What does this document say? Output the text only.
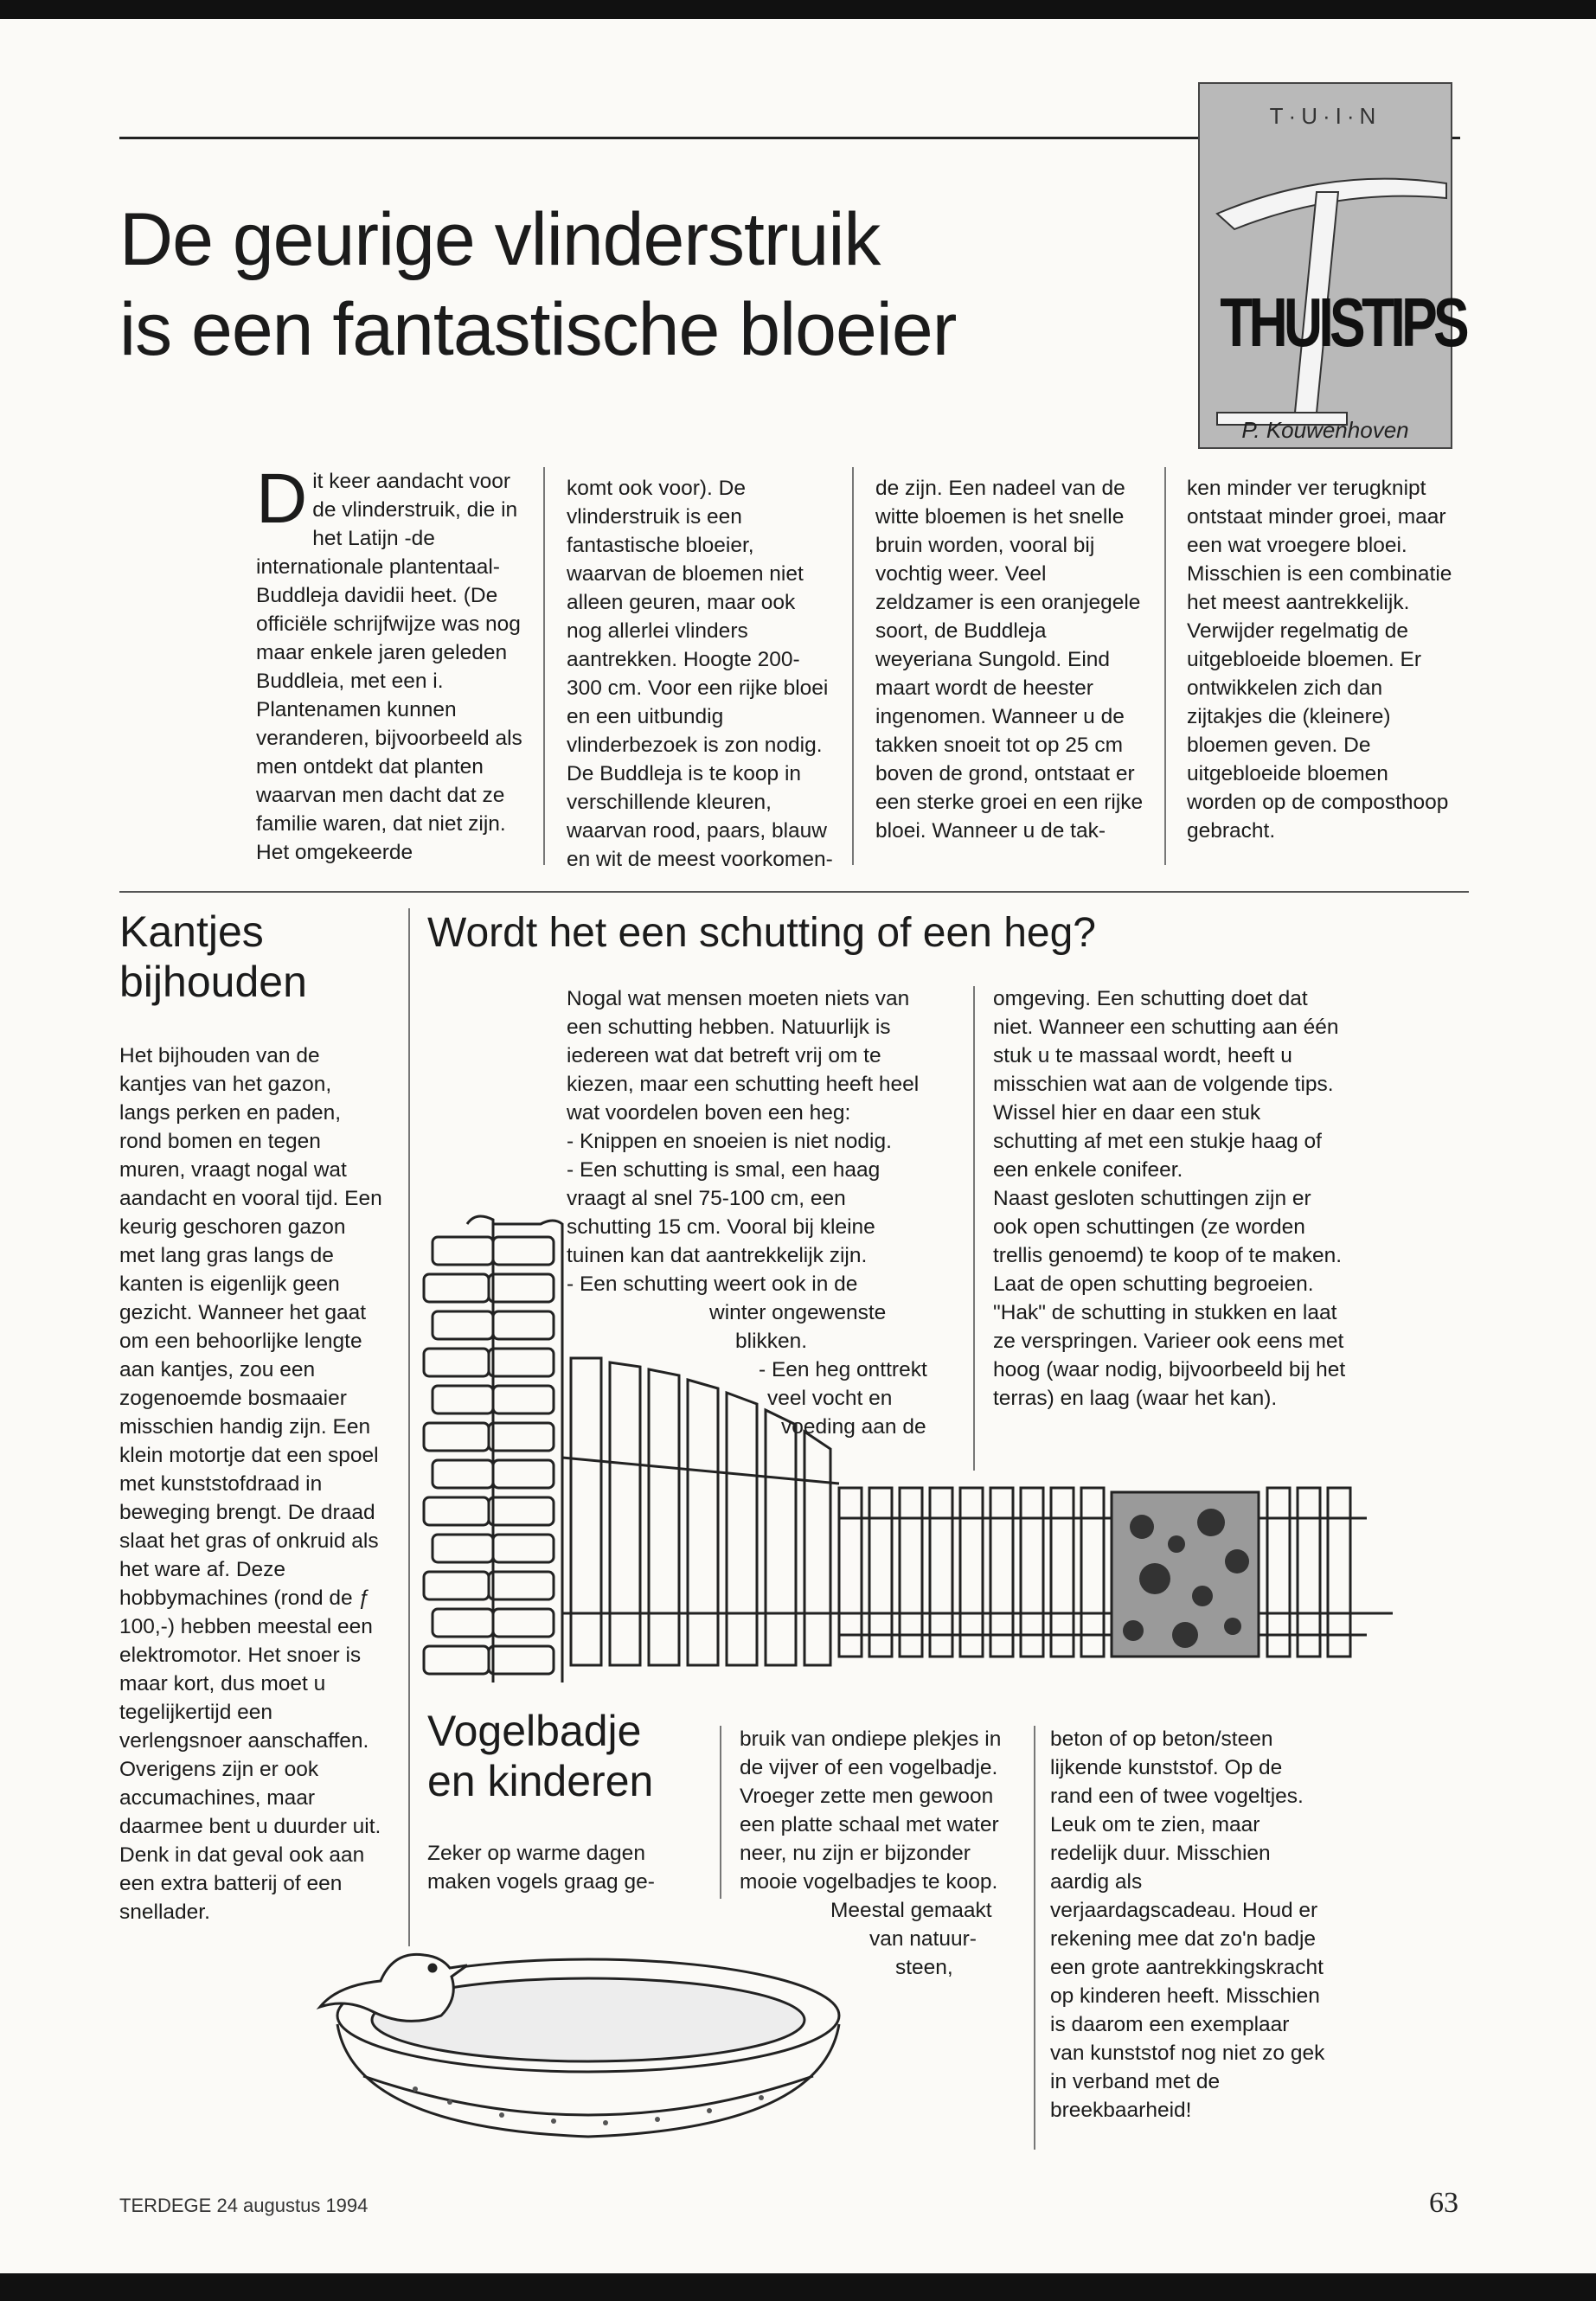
De geurige vlinderstruik
is een fantastische bloeier
T·U·I·N
THUISTIPS
P. Kouwenhoven
D it keer aandacht voor de vlinderstruik, die in het Latijn -de internationale plantentaal- Buddleja davidii heet. (De officiële schrijfwijze was nog maar enkele jaren geleden Buddleia, met een i. Plantenamen kunnen veranderen, bijvoorbeeld als men ontdekt dat planten waarvan men dacht dat ze familie waren, dat niet zijn. Het omgekeerde
komt ook voor). De vlinderstruik is een fantastische bloeier, waarvan de bloemen niet alleen geuren, maar ook nog allerlei vlinders aantrekken. Hoogte 200-300 cm. Voor een rijke bloei en een uitbundig vlinderbezoek is zon nodig. De Buddleja is te koop in verschillende kleuren, waarvan rood, paars, blauw en wit de meest voorkomen-
de zijn. Een nadeel van de witte bloemen is het snelle bruin worden, vooral bij vochtig weer. Veel zeldzamer is een oranjegele soort, de Buddleja weyeriana Sungold. Eind maart wordt de heester ingenomen. Wanneer u de takken snoeit tot op 25 cm boven de grond, ontstaat er een sterke groei en een rijke bloei. Wanneer u de tak-
ken minder ver terugknipt ontstaat minder groei, maar een wat vroegere bloei. Misschien is een combinatie het meest aantrekkelijk. Verwijder regelmatig de uitgebloeide bloemen. Er ontwikkelen zich dan zijtakjes die (kleinere) bloemen geven. De uitgebloeide bloemen worden op de composthoop gebracht.
Kantjes
bijhouden

Het bijhouden van de kantjes van het gazon, langs perken en paden, rond bomen en tegen muren, vraagt nogal wat aandacht en vooral tijd. Een keurig geschoren gazon met lang gras langs de kanten is eigenlijk geen gezicht. Wanneer het gaat om een behoorlijke lengte aan kantjes, zou een zogenoemde bosmaaier misschien handig zijn. Een klein motortje dat een spoel met kunststofdraad in beweging brengt. De draad slaat het gras of onkruid als het ware af. Deze hobbymachines (rond de ƒ 100,-) hebben meestal een elektromotor. Het snoer is maar kort, dus moet u tegelijkertijd een verlengsnoer aanschaffen.

Overigens zijn er ook accumachines, maar daarmee bent u duurder uit. Denk in dat geval ook aan een extra batterij of een snellader.

Wordt het een schutting of een heg?

Nogal wat mensen moeten niets van een schutting hebben. Natuurlijk is iedereen wat dat betreft vrij om te kiezen, maar een schutting heeft heel wat voordelen boven een heg:

- Knippen en snoeien is niet nodig.

- Een schutting is smal, een haag vraagt al snel 75-100 cm, een schutting 15 cm. Vooral bij kleine tuinen kan dat aantrekkelijk zijn.

- Een schutting weert ook in de

winter ongewenste

blikken.

- Een heg onttrekt

veel vocht en

voeding aan de

omgeving. Een schutting doet dat niet. Wanneer een schutting aan één stuk u te massaal wordt, heeft u misschien wat aan de volgende tips. Wissel hier en daar een stuk schutting af met een stukje haag of een enkele conifeer.

Naast gesloten schuttingen zijn er ook open schuttingen (ze worden trellis genoemd) te koop of te maken. Laat de open schutting begroeien.

"Hak" de schutting in stukken en laat ze verspringen. Varieer ook eens met hoog (waar nodig, bijvoorbeeld bij het terras) en laag (waar het kan).

Vogelbadje
en kinderen

Zeker op warme dagen maken vogels graag ge-

bruik van ondiepe plekjes in de vijver of een vogelbadje. Vroeger zette men gewoon een platte schaal met water neer, nu zijn er bijzonder mooie vogelbadjes te koop.

Meestal gemaakt

van natuur-

steen,

beton of op beton/steen lijkende kunststof. Op de rand een of twee vogeltjes. Leuk om te zien, maar redelijk duur. Misschien aardig als verjaardagscadeau. Houd er rekening mee dat zo'n badje een grote aantrekkingskracht op kinderen heeft. Misschien is daarom een exemplaar van kunststof nog niet zo gek in verband met de breekbaarheid!

TERDEGE 24 augustus 1994	63
